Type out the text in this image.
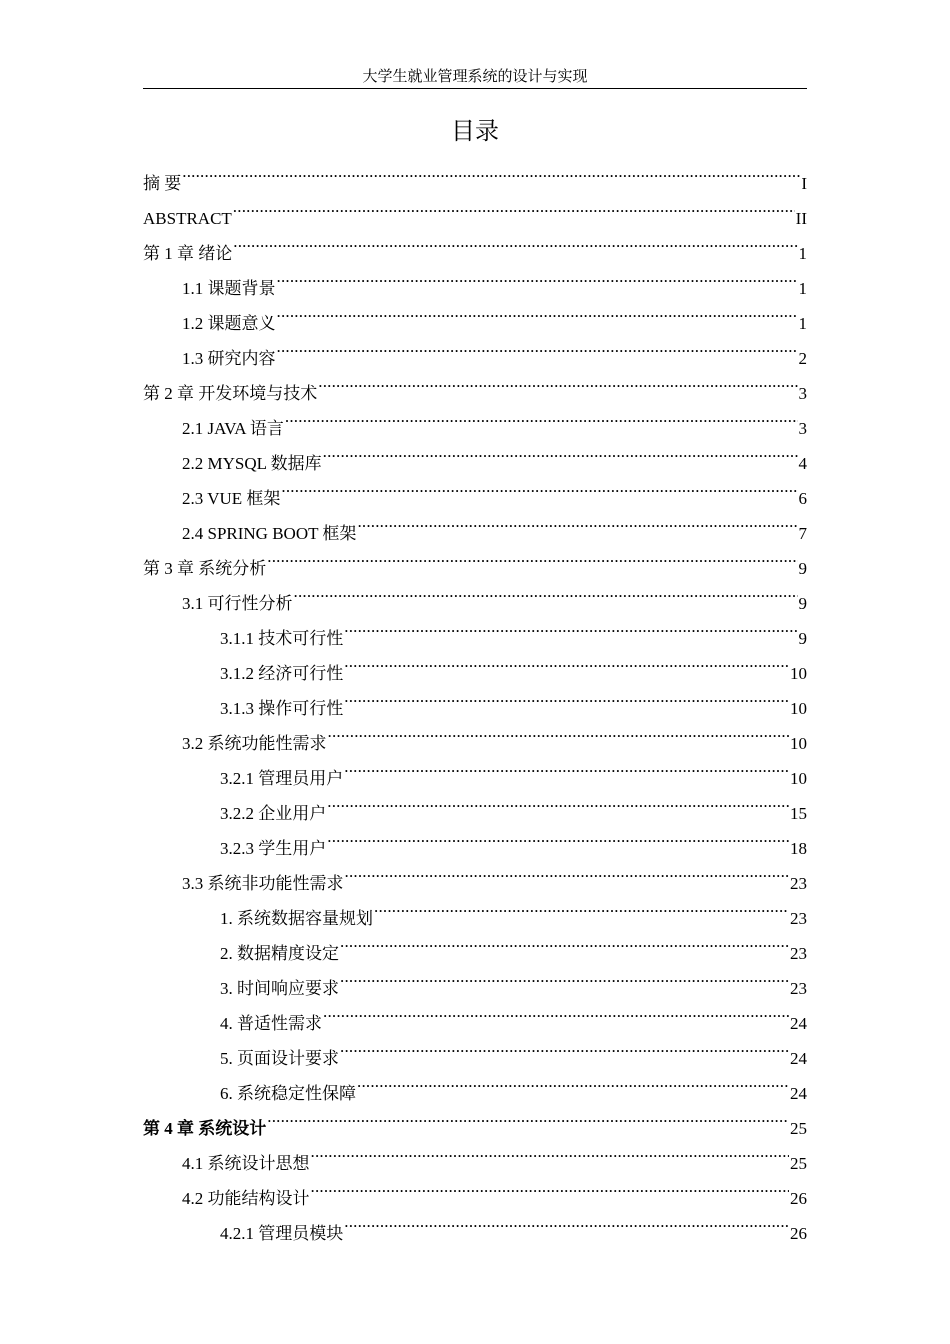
大学生就业管理系统的设计与实现
目录
摘 要 .....	I
ABSTRACT .....	II
第 1 章 绪论 .....	1
1.1 课题背景 .....	1
1.2 课题意义 .....	1
1.3 研究内容 .....	2
第 2 章 开发环境与技术 .....	3
2.1 JAVA 语言 .....	3
2.2 MYSQL 数据库 .....	4
2.3 VUE 框架 .....	6
2.4 SPRING BOOT 框架 .....	7
第 3 章 系统分析 .....	9
3.1 可行性分析 .....	9
3.1.1 技术可行性 .....	9
3.1.2 经济可行性 .....	10
3.1.3 操作可行性 .....	10
3.2 系统功能性需求 .....	10
3.2.1 管理员用户 .....	10
3.2.2 企业用户 .....	15
3.2.3 学生用户 .....	18
3.3 系统非功能性需求 .....	23
1. 系统数据容量规划 .....	23
2. 数据精度设定 .....	23
3. 时间响应要求 .....	23
4. 普适性需求 .....	24
5. 页面设计要求 .....	24
6. 系统稳定性保障 .....	24
第 4 章 系统设计 .....	25
4.1 系统设计思想 .....	25
4.2 功能结构设计 .....	26
4.2.1 管理员模块 .....	26
